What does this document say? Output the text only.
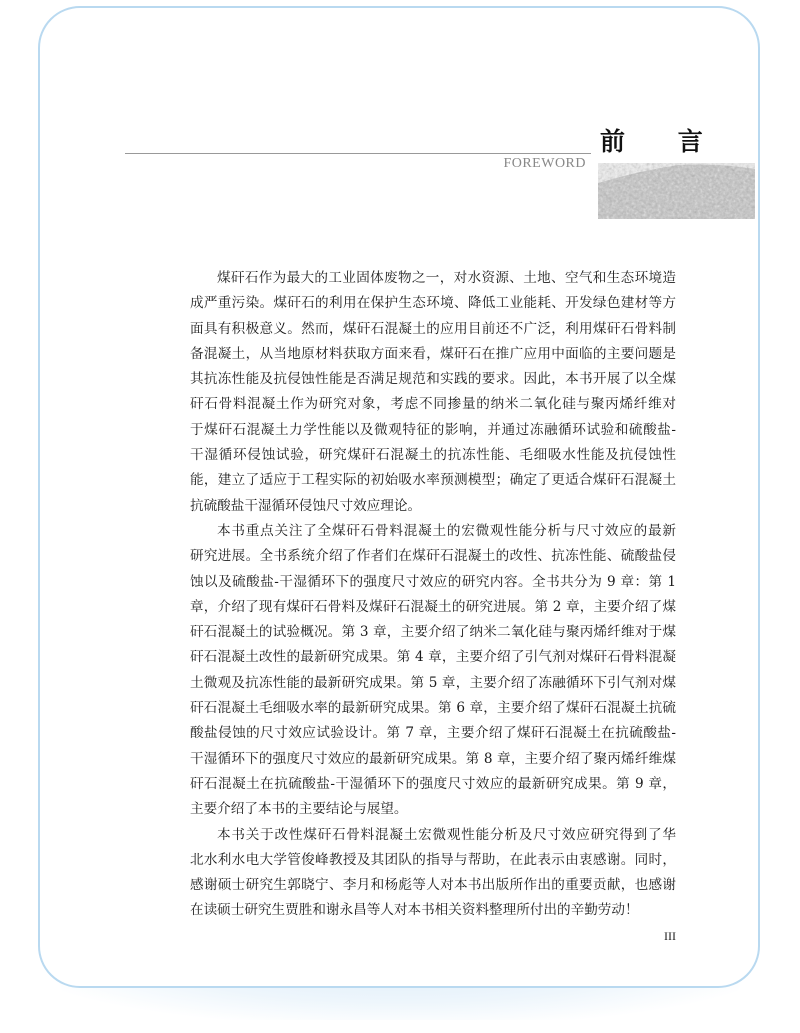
前 言
FOREWORD
煤矸石作为最大的工业固体废物之一，对水资源、土地、空气和生态环境造
成严重污染。煤矸石的利用在保护生态环境、降低工业能耗、开发绿色建材等方
面具有积极意义。然而，煤矸石混凝土的应用目前还不广泛，利用煤矸石骨料制
备混凝土，从当地原材料获取方面来看，煤矸石在推广应用中面临的主要问题是
其抗冻性能及抗侵蚀性能是否满足规范和实践的要求。因此，本书开展了以全煤
矸石骨料混凝土作为研究对象，考虑不同掺量的纳米二氧化硅与聚丙烯纤维对
于煤矸石混凝土力学性能以及微观特征的影响，并通过冻融循环试验和硫酸盐-
干湿循环侵蚀试验，研究煤矸石混凝土的抗冻性能、毛细吸水性能及抗侵蚀性
能，建立了适应于工程实际的初始吸水率预测模型；确定了更适合煤矸石混凝土
抗硫酸盐干湿循环侵蚀尺寸效应理论。
本书重点关注了全煤矸石骨料混凝土的宏微观性能分析与尺寸效应的最新
研究进展。全书系统介绍了作者们在煤矸石混凝土的改性、抗冻性能、硫酸盐侵
蚀以及硫酸盐-干湿循环下的强度尺寸效应的研究内容。全书共分为 9 章：第 1
章，介绍了现有煤矸石骨料及煤矸石混凝土的研究进展。第 2 章，主要介绍了煤
矸石混凝土的试验概况。第 3 章，主要介绍了纳米二氧化硅与聚丙烯纤维对于煤
矸石混凝土改性的最新研究成果。第 4 章，主要介绍了引气剂对煤矸石骨料混凝
土微观及抗冻性能的最新研究成果。第 5 章，主要介绍了冻融循环下引气剂对煤
矸石混凝土毛细吸水率的最新研究成果。第 6 章，主要介绍了煤矸石混凝土抗硫
酸盐侵蚀的尺寸效应试验设计。第 7 章，主要介绍了煤矸石混凝土在抗硫酸盐-
干湿循环下的强度尺寸效应的最新研究成果。第 8 章，主要介绍了聚丙烯纤维煤
矸石混凝土在抗硫酸盐-干湿循环下的强度尺寸效应的最新研究成果。第 9 章，
主要介绍了本书的主要结论与展望。
本书关于改性煤矸石骨料混凝土宏微观性能分析及尺寸效应研究得到了华
北水利水电大学管俊峰教授及其团队的指导与帮助，在此表示由衷感谢。同时，
感谢硕士研究生郭晓宁、李月和杨彪等人对本书出版所作出的重要贡献，也感谢
在读硕士研究生贾胜和谢永昌等人对本书相关资料整理所付出的辛勤劳动！
III
